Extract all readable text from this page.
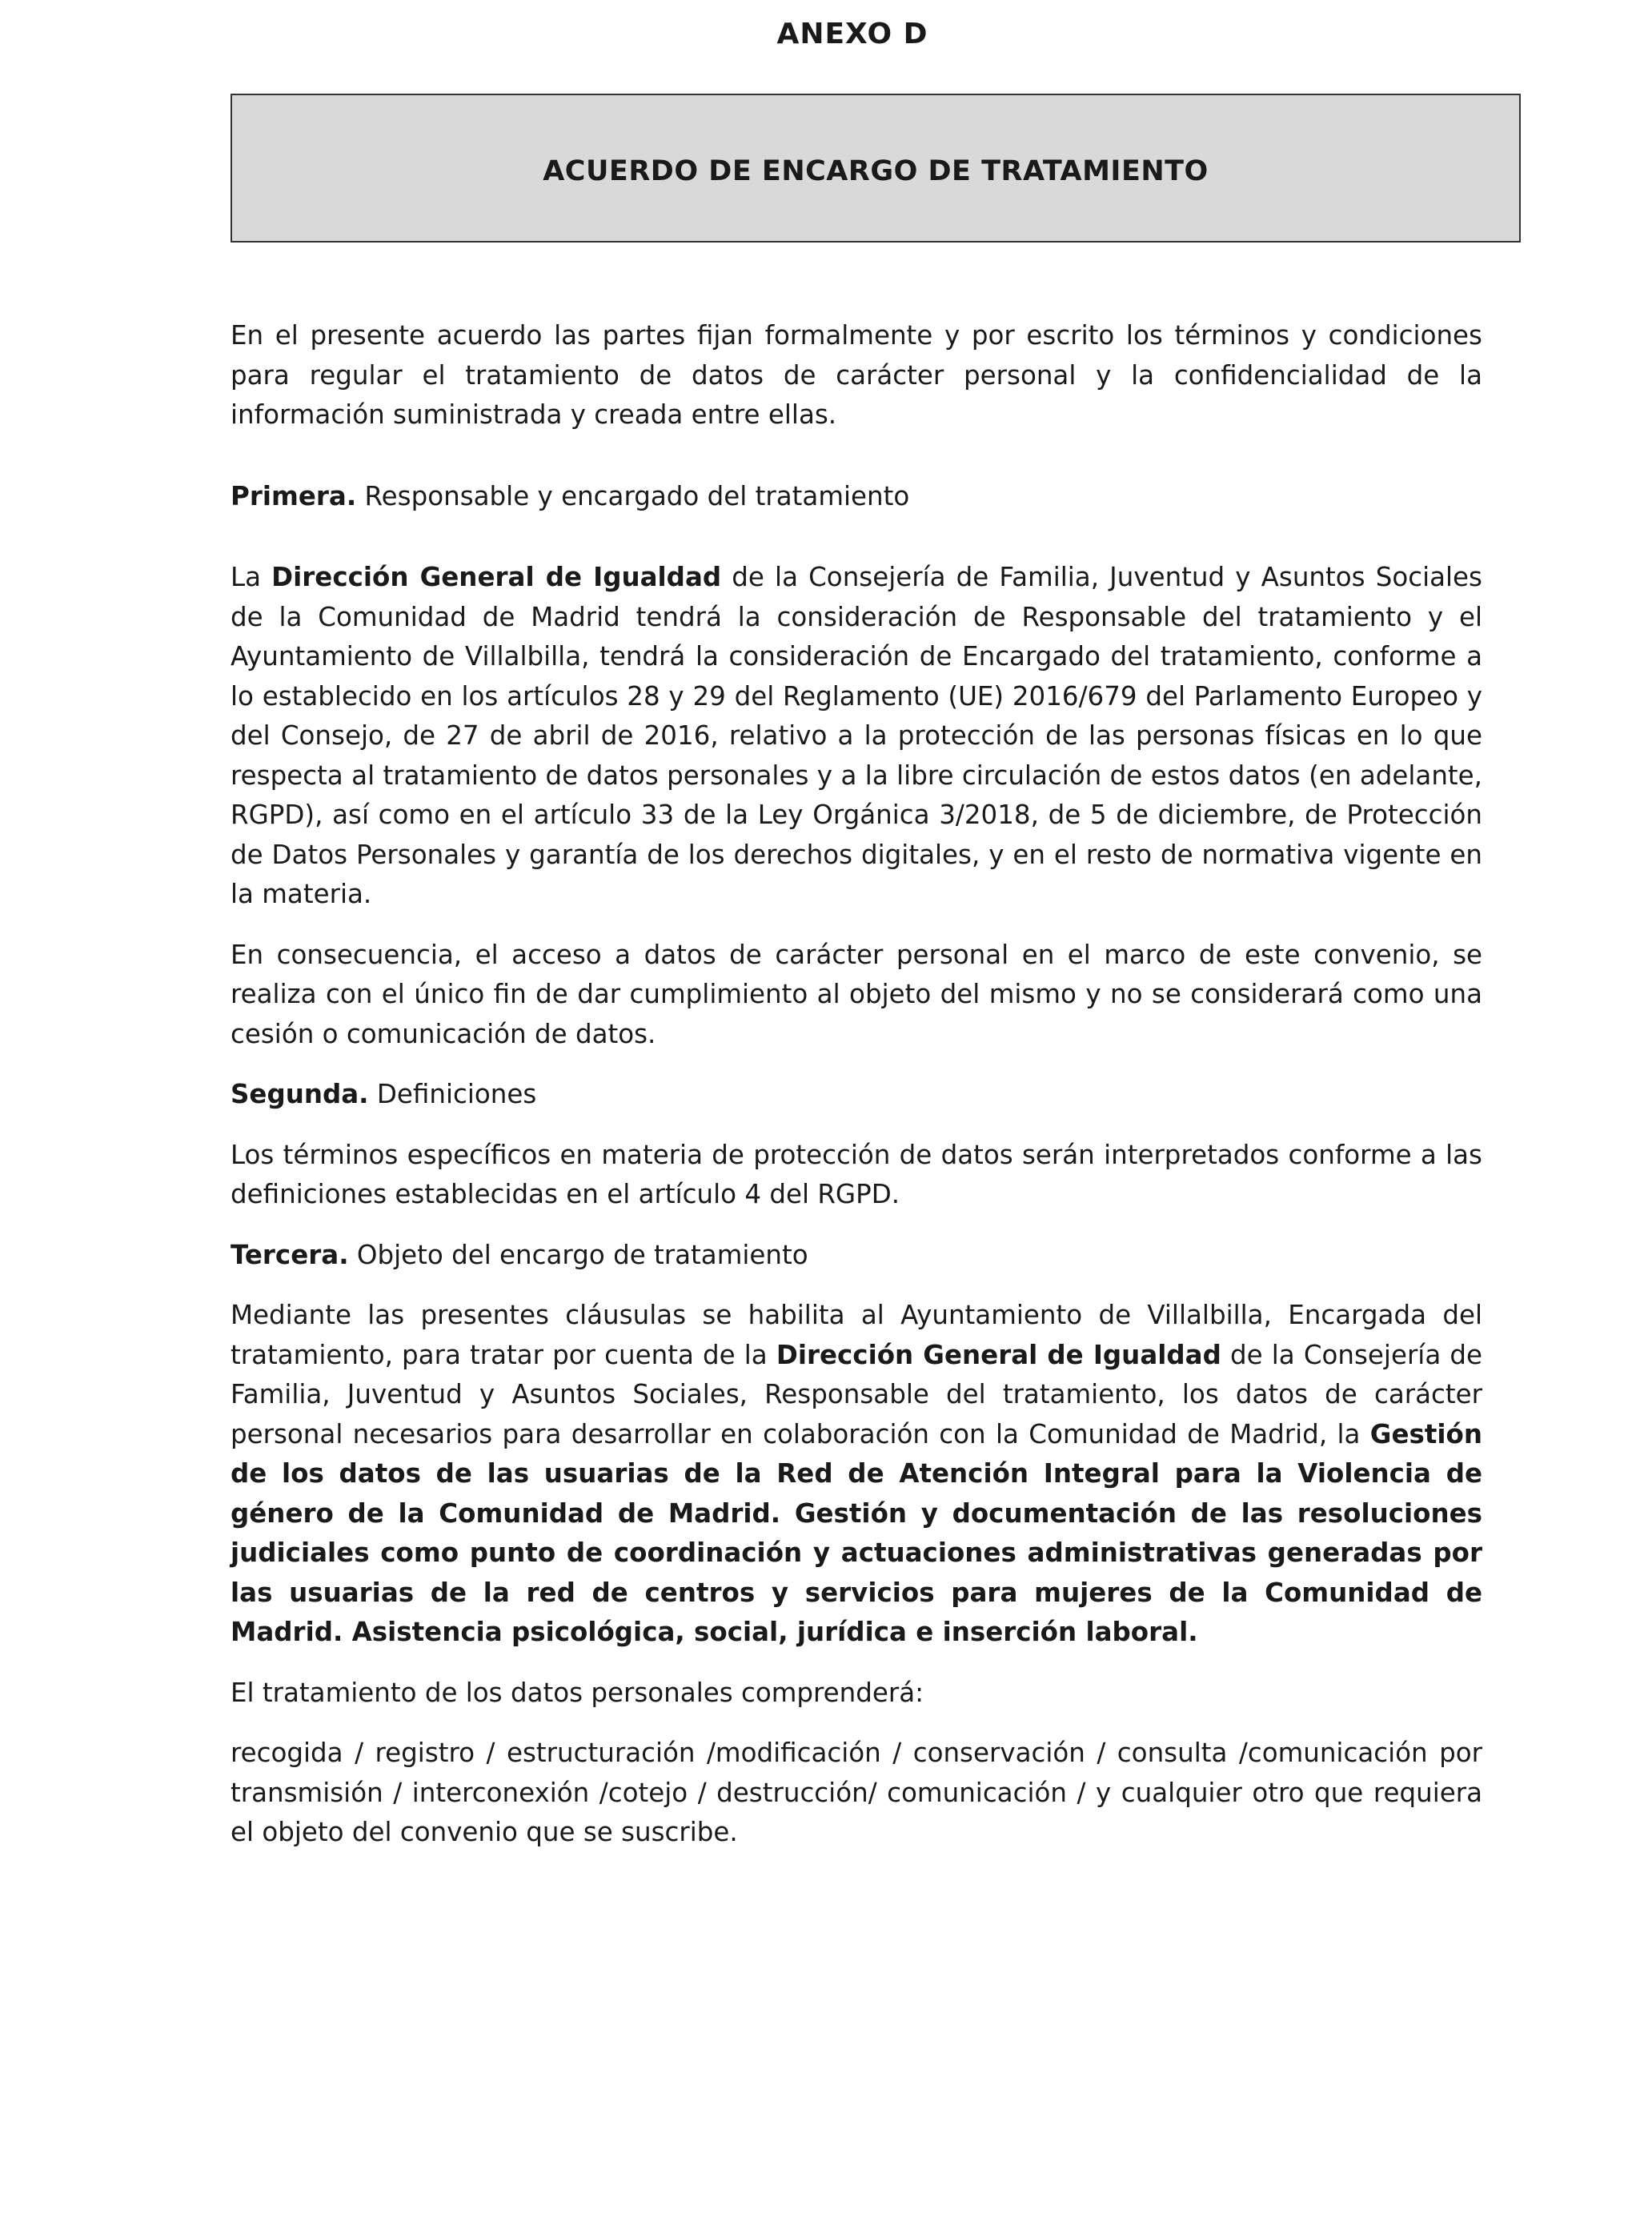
ANEXO D
ACUERDO DE ENCARGO DE TRATAMIENTO

En el presente acuerdo las partes fijan formalmente y por escrito los términos y condiciones para regular el tratamiento de datos de carácter personal y la confidencialidad de la información suministrada y creada entre ellas.

Primera. Responsable y encargado del tratamiento

La Dirección General de Igualdad de la Consejería de Familia, Juventud y Asuntos Sociales de la Comunidad de Madrid tendrá la consideración de Responsable del tratamiento y el Ayuntamiento de Villalbilla, tendrá la consideración de Encargado del tratamiento, conforme a lo establecido en los artículos 28 y 29 del Reglamento (UE) 2016/679 del Parlamento Europeo y del Consejo, de 27 de abril de 2016, relativo a la protección de las personas físicas en lo que respecta al tratamiento de datos personales y a la libre circulación de estos datos (en adelante, RGPD), así como en el artículo 33 de la Ley Orgánica 3/2018, de 5 de diciembre, de Protección de Datos Personales y garantía de los derechos digitales, y en el resto de normativa vigente en la materia.

En consecuencia, el acceso a datos de carácter personal en el marco de este convenio, se realiza con el único fin de dar cumplimiento al objeto del mismo y no se considerará como una cesión o comunicación de datos.

Segunda. Definiciones

Los términos específicos en materia de protección de datos serán interpretados conforme a las definiciones establecidas en el artículo 4 del RGPD.

Tercera. Objeto del encargo de tratamiento

Mediante las presentes cláusulas se habilita al Ayuntamiento de Villalbilla, Encargada del tratamiento, para tratar por cuenta de la Dirección General de Igualdad de la Consejería de Familia, Juventud y Asuntos Sociales, Responsable del tratamiento, los datos de carácter personal necesarios para desarrollar en colaboración con la Comunidad de Madrid, la Gestión de los datos de las usuarias de la Red de Atención Integral para la Violencia de género de la Comunidad de Madrid. Gestión y documentación de las resoluciones judiciales como punto de coordinación y actuaciones administrativas generadas por las usuarias de la red de centros y servicios para mujeres de la Comunidad de Madrid. Asistencia psicológica, social, jurídica e inserción laboral.

El tratamiento de los datos personales comprenderá:

recogida / registro / estructuración /modificación / conservación / consulta /comunicación por transmisión / interconexión /cotejo / destrucción/ comunicación / y cualquier otro que requiera el objeto del convenio que se suscribe.
